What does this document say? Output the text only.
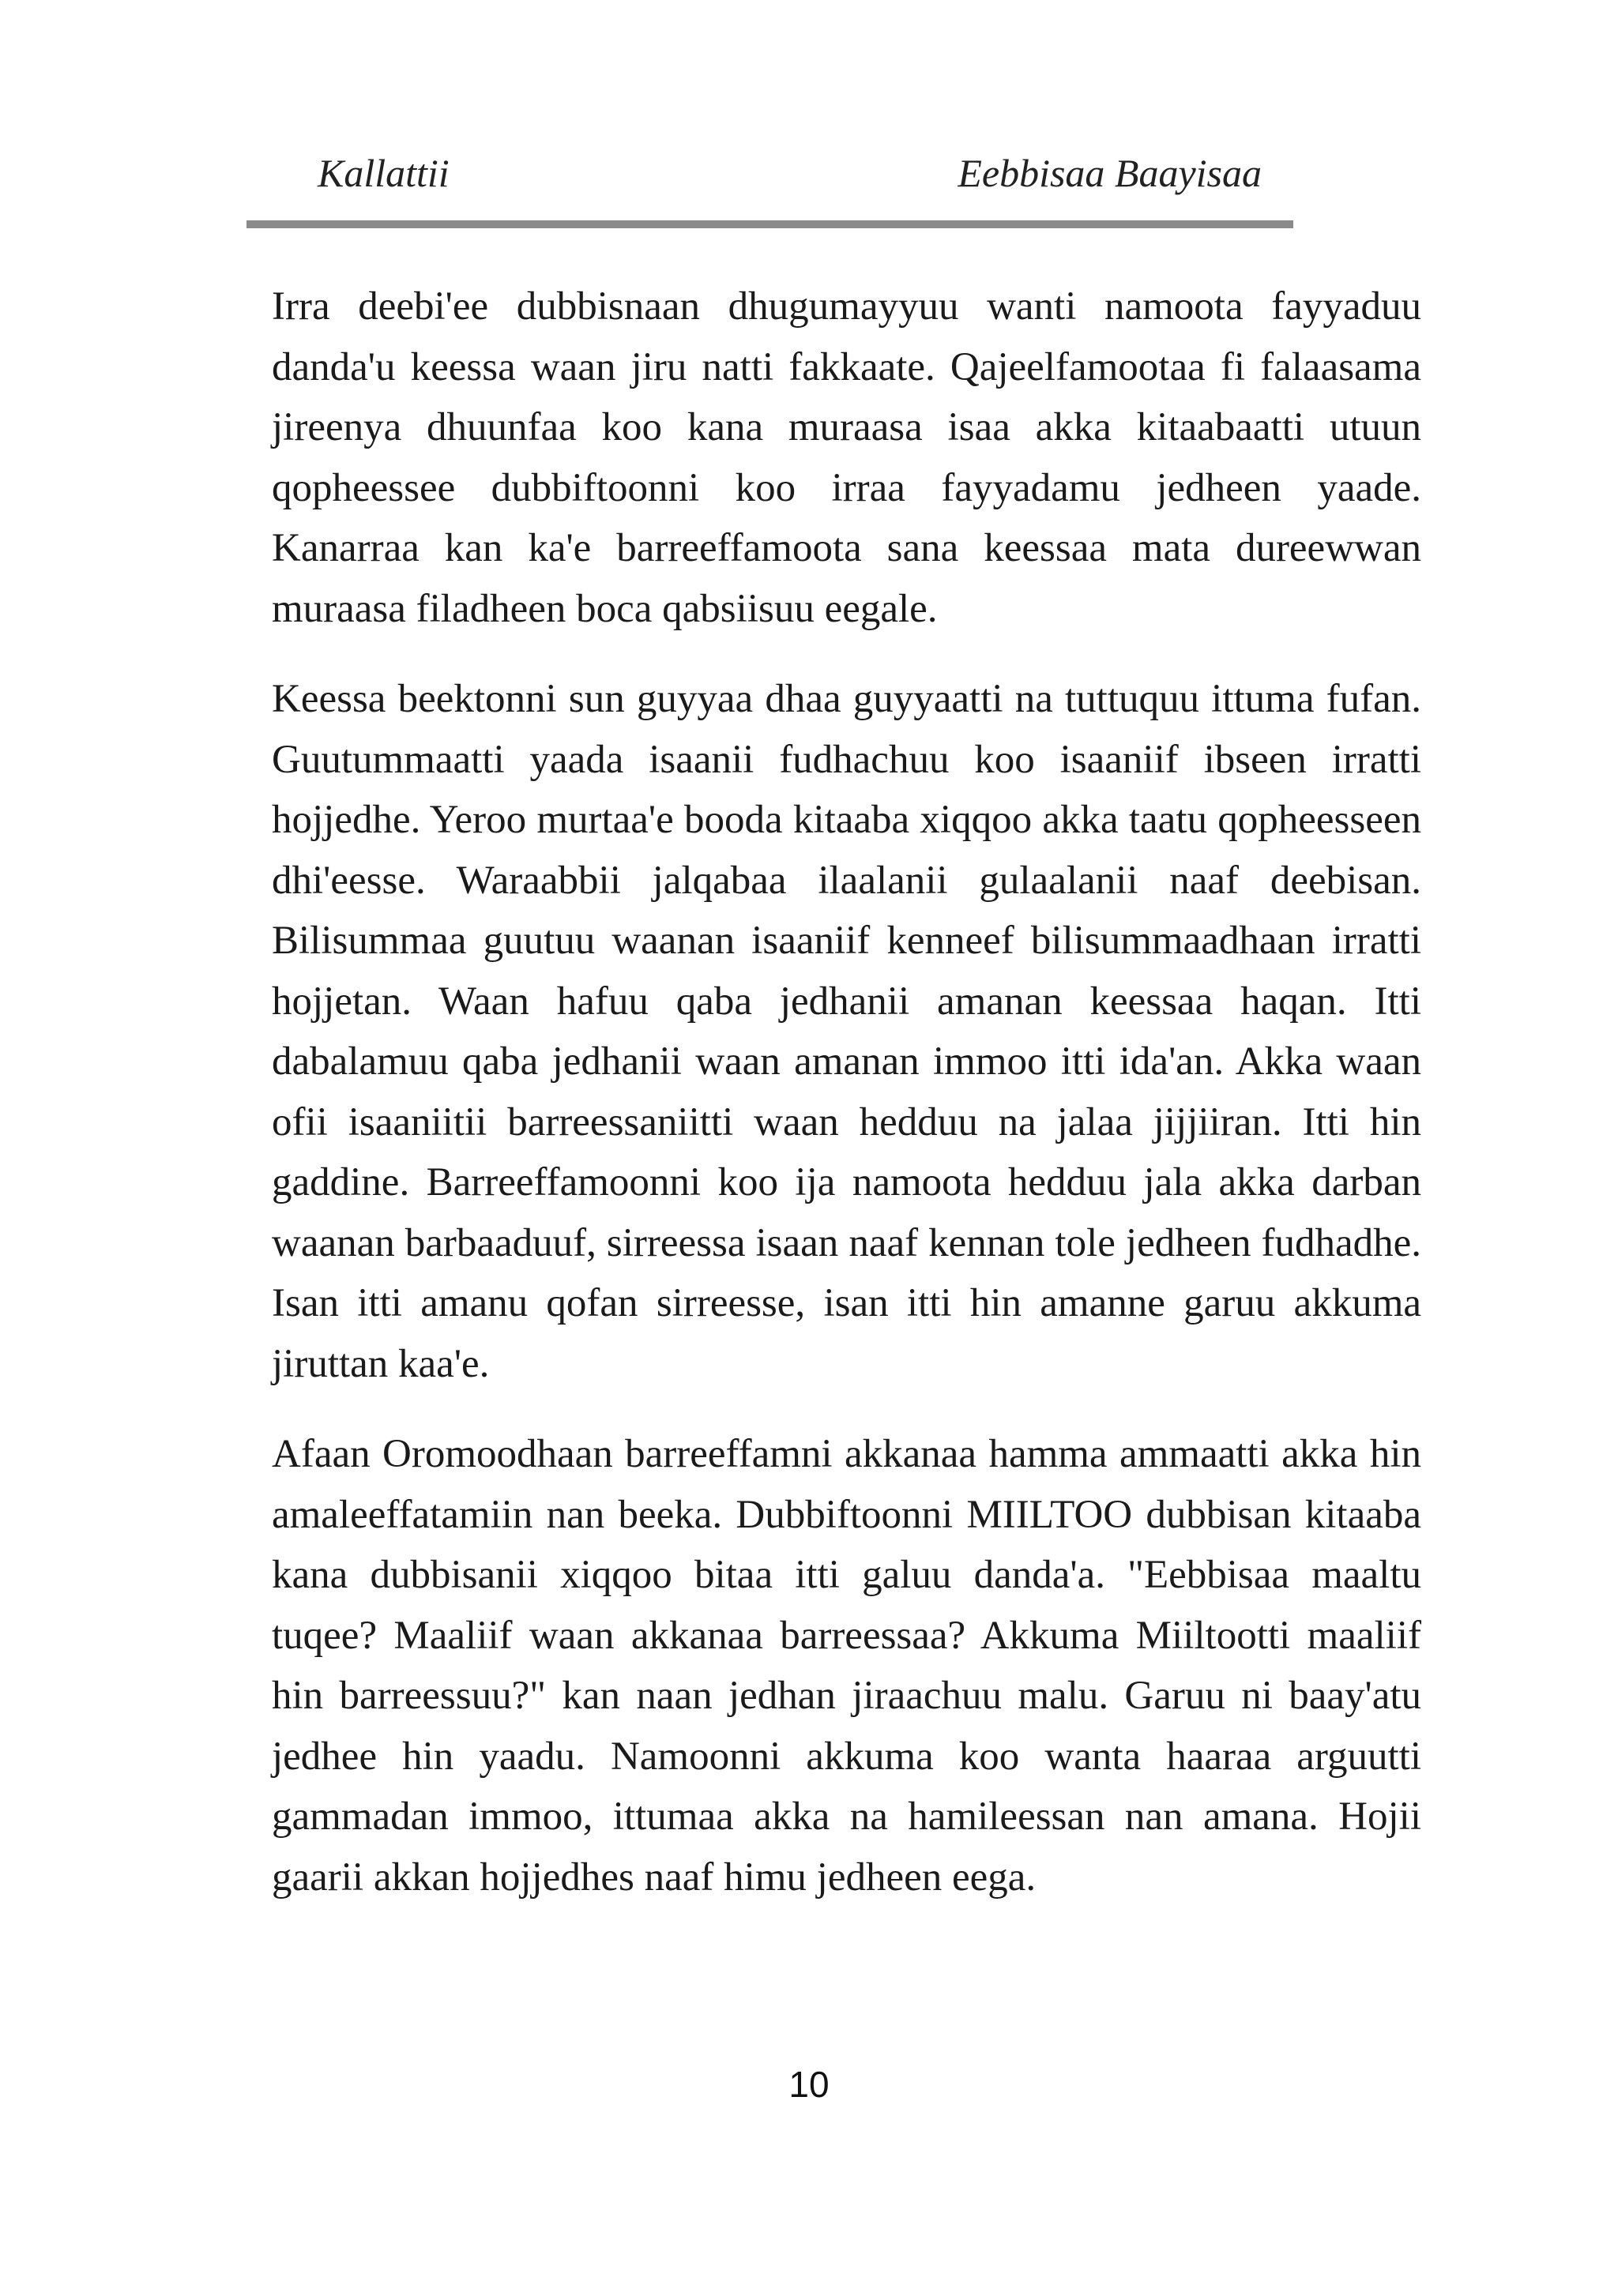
Kallattii	Eebbisaa Baayisaa

Irra deebi'ee dubbisnaan dhugumayyuu wanti namoota fayyaduu danda'u keessa waan jiru natti fakkaate. Qajeelfamootaa fi falaasama jireenya dhuunfaa koo kana muraasa isaa akka kitaabaatti utuun qopheessee dubbiftoonni koo irraa fayyadamu jedheen yaade. Kanarraa kan ka'e barreeffamoota sana keessaa mata dureewwan muraasa filadheen boca qabsiisuu eegale.

Keessa beektonni sun guyyaa dhaa guyyaatti na tuttuquu ittuma fufan. Guutummaatti yaada isaanii fudhachuu koo isaaniif ibseen irratti hojjedhe. Yeroo murtaa'e booda kitaaba xiqqoo akka taatu qopheesseen dhi'eesse. Waraabbii jalqabaa ilaalanii gulaalanii naaf deebisan. Bilisummaa guutuu waanan isaaniif kenneef bilisummaadhaan irratti hojjetan. Waan hafuu qaba jedhanii amanan keessaa haqan. Itti dabalamuu qaba jedhanii waan amanan immoo itti ida'an. Akka waan ofii isaaniitii barreessaniitti waan hedduu na jalaa jijjiiran. Itti hin gaddine. Barreeffamoonni koo ija namoota hedduu jala akka darban waanan barbaaduuf, sirreessa isaan naaf kennan tole jedheen fudhadhe. Isan itti amanu qofan sirreesse, isan itti hin amanne garuu akkuma jiruttan kaa'e.

Afaan Oromoodhaan barreeffamni akkanaa hamma ammaatti akka hin amaleeffatamiin nan beeka. Dubbiftoonni MIILTOO dubbisan kitaaba kana dubbisanii xiqqoo bitaa itti galuu danda'a. "Eebbisaa maaltu tuqee? Maaliif waan akkanaa barreessaa? Akkuma Miiltootti maaliif hin barreessuu?" kan naan jedhan jiraachuu malu. Garuu ni baay'atu jedhee hin yaadu. Namoonni akkuma koo wanta haaraa arguutti gammadan immoo, ittumaa akka na hamileessan nan amana. Hojii gaarii akkan hojjedhes naaf himu jedheen eega.

10
